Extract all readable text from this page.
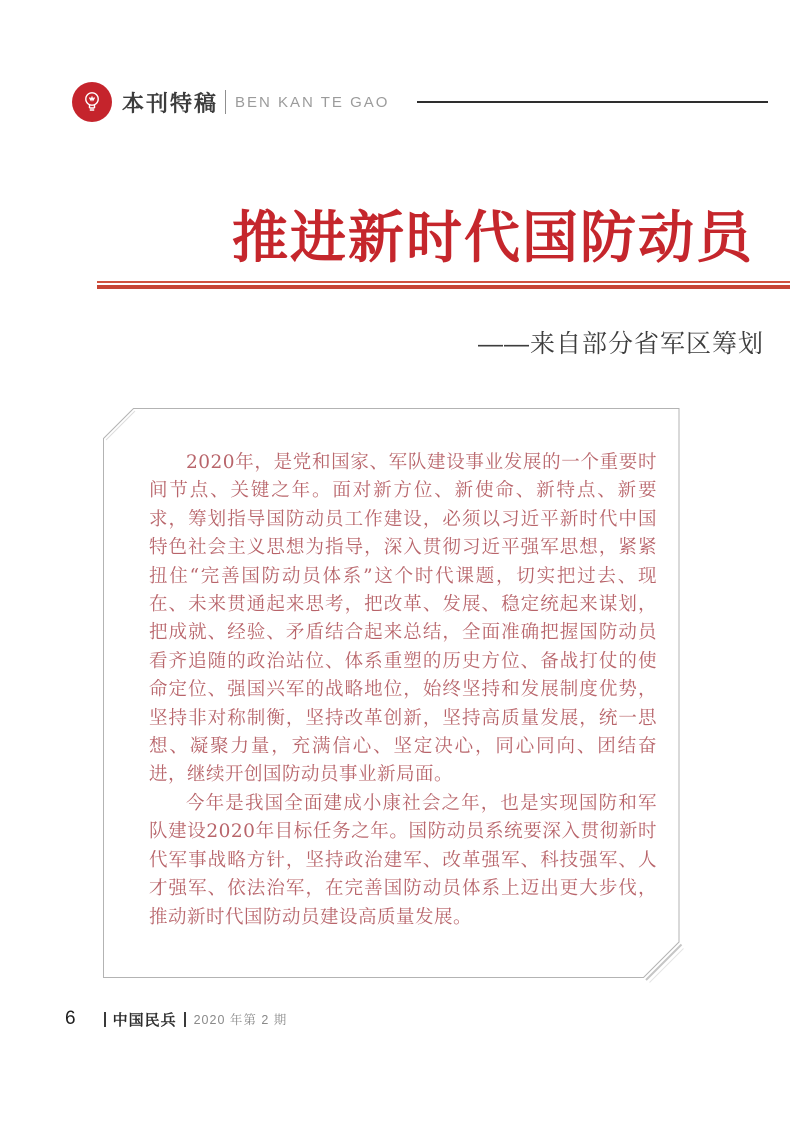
本刊特稿 BEN KAN TE GAO
推进新时代国防动员
——来自部分省军区筹划

2020年，是党和国家、军队建设事业发展的一个重要时间节点、关键之年。面对新方位、新使命、新特点、新要求，筹划指导国防动员工作建设，必须以习近平新时代中国特色社会主义思想为指导，深入贯彻习近平强军思想，紧紧扭住“完善国防动员体系”这个时代课题，切实把过去、现在、未来贯通起来思考，把改革、发展、稳定统起来谋划，把成就、经验、矛盾结合起来总结，全面准确把握国防动员看齐追随的政治站位、体系重塑的历史方位、备战打仗的使命定位、强国兴军的战略地位，始终坚持和发展制度优势，坚持非对称制衡，坚持改革创新，坚持高质量发展，统一思想、凝聚力量，充满信心、坚定决心，同心同向、团结奋进，继续开创国防动员事业新局面。

今年是我国全面建成小康社会之年，也是实现国防和军队建设2020年目标任务之年。国防动员系统要深入贯彻新时代军事战略方针，坚持政治建军、改革强军、科技强军、人才强军、依法治军，在完善国防动员体系上迈出更大步伐，推动新时代国防动员建设高质量发展。

6 中国民兵 2020 年第 2 期
